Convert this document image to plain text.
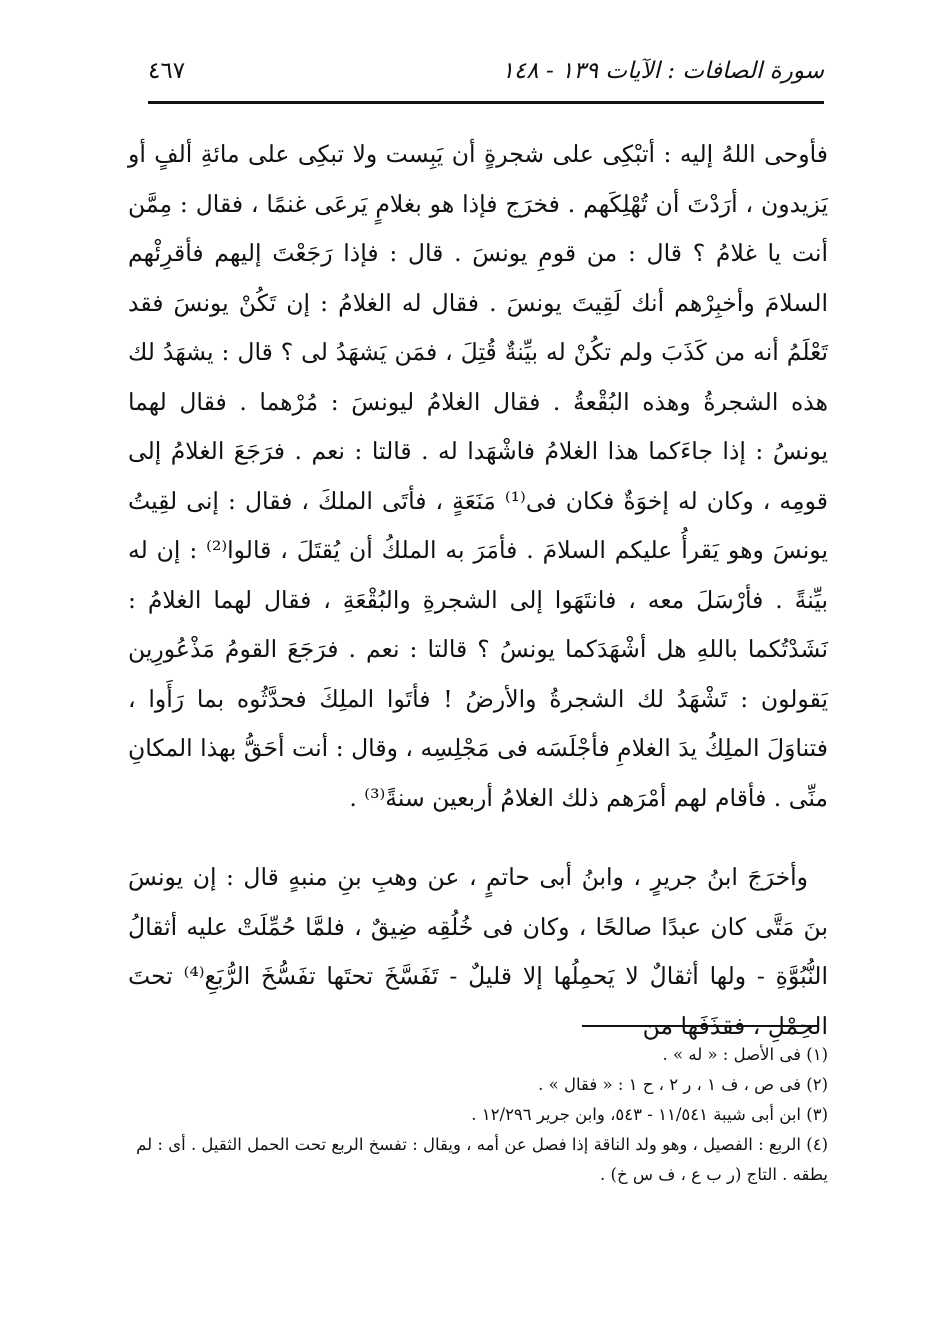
سورة الصافات : الآيات ١٣٩ - ١٤٨
٤٦٧

فأوحى اللهُ إليه : أتبْكِى على شجرةٍ أن يَبِست ولا تبكِى على مائةِ ألفٍ أو يَزيدون ، أرَدْتَ أن تُهْلِكَهم . فخرَج فإذا هو بغلامٍ يَرعَى غنمًا ، فقال : مِمَّن أنت يا غلامُ ؟ قال : من قومِ يونسَ . قال : فإذا رَجَعْتَ إليهم فأقرِئْهم السلامَ وأخبِرْهم أنك لَقِيتَ يونسَ . فقال له الغلامُ : إن تَكُنْ يونسَ فقد تَعْلَمُ أنه من كَذَبَ ولم تكُنْ له بيِّنةٌ قُتِلَ ، فمَن يَشهَدُ لى ؟ قال : يشهَدُ لك هذه الشجرةُ وهذه البُقْعةُ . فقال الغلامُ ليونسَ : مُرْهما . فقال لهما يونسُ : إذا جاءَكما هذا الغلامُ فاشْهَدا له . قالتا : نعم . فرَجَعَ الغلامُ إلى قومِه ، وكان له إخوَةٌ فكان فى⁽¹⁾ مَنَعَةٍ ، فأتَى الملكَ ، فقال : إنى لقِيتُ يونسَ وهو يَقرأُ عليكم السلامَ . فأمَرَ به الملكُ أن يُقتَلَ ، قالوا⁽²⁾ : إن له بيِّنةً . فأرْسَلَ معه ، فانتَهَوا إلى الشجرةِ والبُقْعَةِ ، فقال لهما الغلامُ : نَشَدْتُكما باللهِ هل أشْهَدَكما يونسُ ؟ قالتا : نعم . فرَجَعَ القومُ مَذْعُورِين يَقولون : تَشْهَدُ لك الشجرةُ والأرضُ ! فأتَوا الملِكَ فحدَّثُوه بما رَأَوا ، فتناوَلَ الملِكُ يدَ الغلامِ فأجْلَسَه فى مَجْلِسِه ، وقال : أنت أحَقُّ بهذا المكانِ منِّى . فأقام لهم أمْرَهم ذلك الغلامُ أربعين سنةً⁽³⁾ .

وأخرَجَ ابنُ جريرٍ ، وابنُ أبى حاتمٍ ، عن وهبِ بنِ منبهٍ قال : إن يونسَ بنَ مَتَّى كان عبدًا صالحًا ، وكان فى خُلُقِه ضِيقٌ ، فلمَّا حُمِّلَتْ عليه أثقالُ النُّبُوَّةِ - ولها أثقالٌ لا يَحمِلُها إلا قليلٌ - تَفَسَّخَ تحتَها تفَسُّخَ الرُّبَعِ⁽⁴⁾ تحتَ الحِمْلِ ، فقذَفَها من

(١) فى الأصل : « له » .

(٢) فى ص ، ف ١ ، ر ٢ ، ح ١ : « فقال » .

(٣) ابن أبى شيبة ١١/٥٤١ - ٥٤٣، وابن جرير ١٢/٢٩٦ .

(٤) الربع : الفصيل ، وهو ولد الناقة إذا فصل عن أمه ، ويقال : تفسخ الربع تحت الحمل الثقيل . أى : لم يطقه . التاج (ر ب ع ، ف س خ) .
